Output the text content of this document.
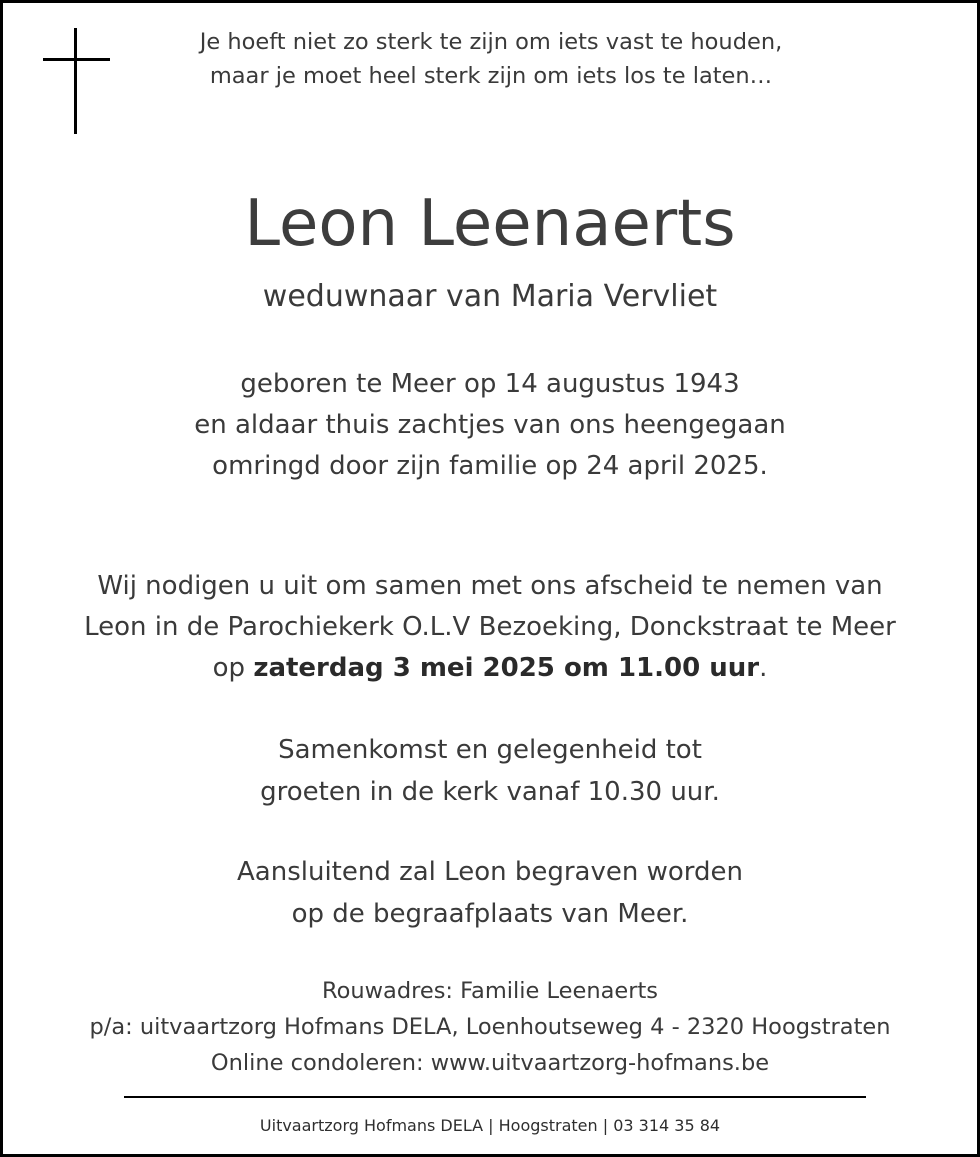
Je hoeft niet zo sterk te zijn om iets vast te houden,
maar je moet heel sterk zijn om iets los te laten…
Leon Leenaerts
weduwnaar van Maria Vervliet
geboren te Meer op 14 augustus 1943
en aldaar thuis zachtjes van ons heengegaan
omringd door zijn familie op 24 april 2025.
Wij nodigen u uit om samen met ons afscheid te nemen van
Leon in de Parochiekerk O.L.V Bezoeking, Donckstraat te Meer
op zaterdag 3 mei 2025 om 11.00 uur.
Samenkomst en gelegenheid tot
groeten in de kerk vanaf 10.30 uur.
Aansluitend zal Leon begraven worden
op de begraafplaats van Meer.
Rouwadres: Familie Leenaerts
p/a: uitvaartzorg Hofmans DELA, Loenhoutseweg 4 - 2320 Hoogstraten
Online condoleren: www.uitvaartzorg-hofmans.be
Uitvaartzorg Hofmans DELA | Hoogstraten | 03 314 35 84
